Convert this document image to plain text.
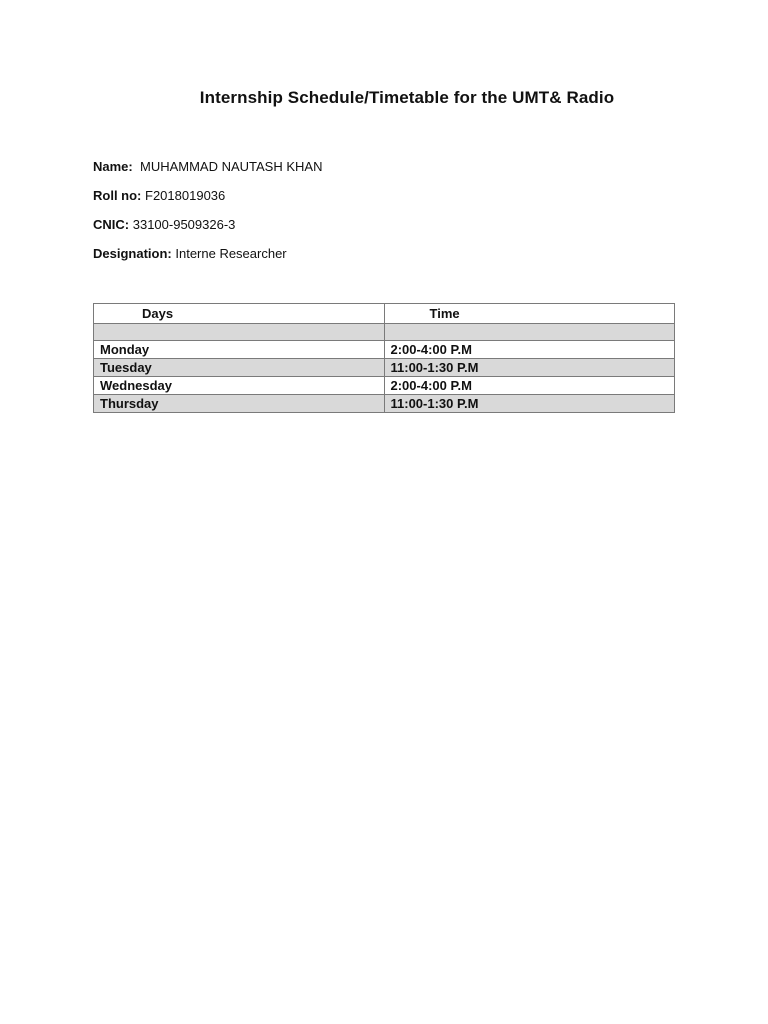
Internship Schedule/Timetable for the UMT& Radio
Name: MUHAMMAD NAUTASH KHAN
Roll no: F2018019036
CNIC: 33100-9509326-3
Designation: Interne Researcher
Days	Time

Monday	2:00-4:00 P.M
Tuesday	11:00-1:30 P.M
Wednesday	2:00-4:00 P.M
Thursday	11:00-1:30 P.M
